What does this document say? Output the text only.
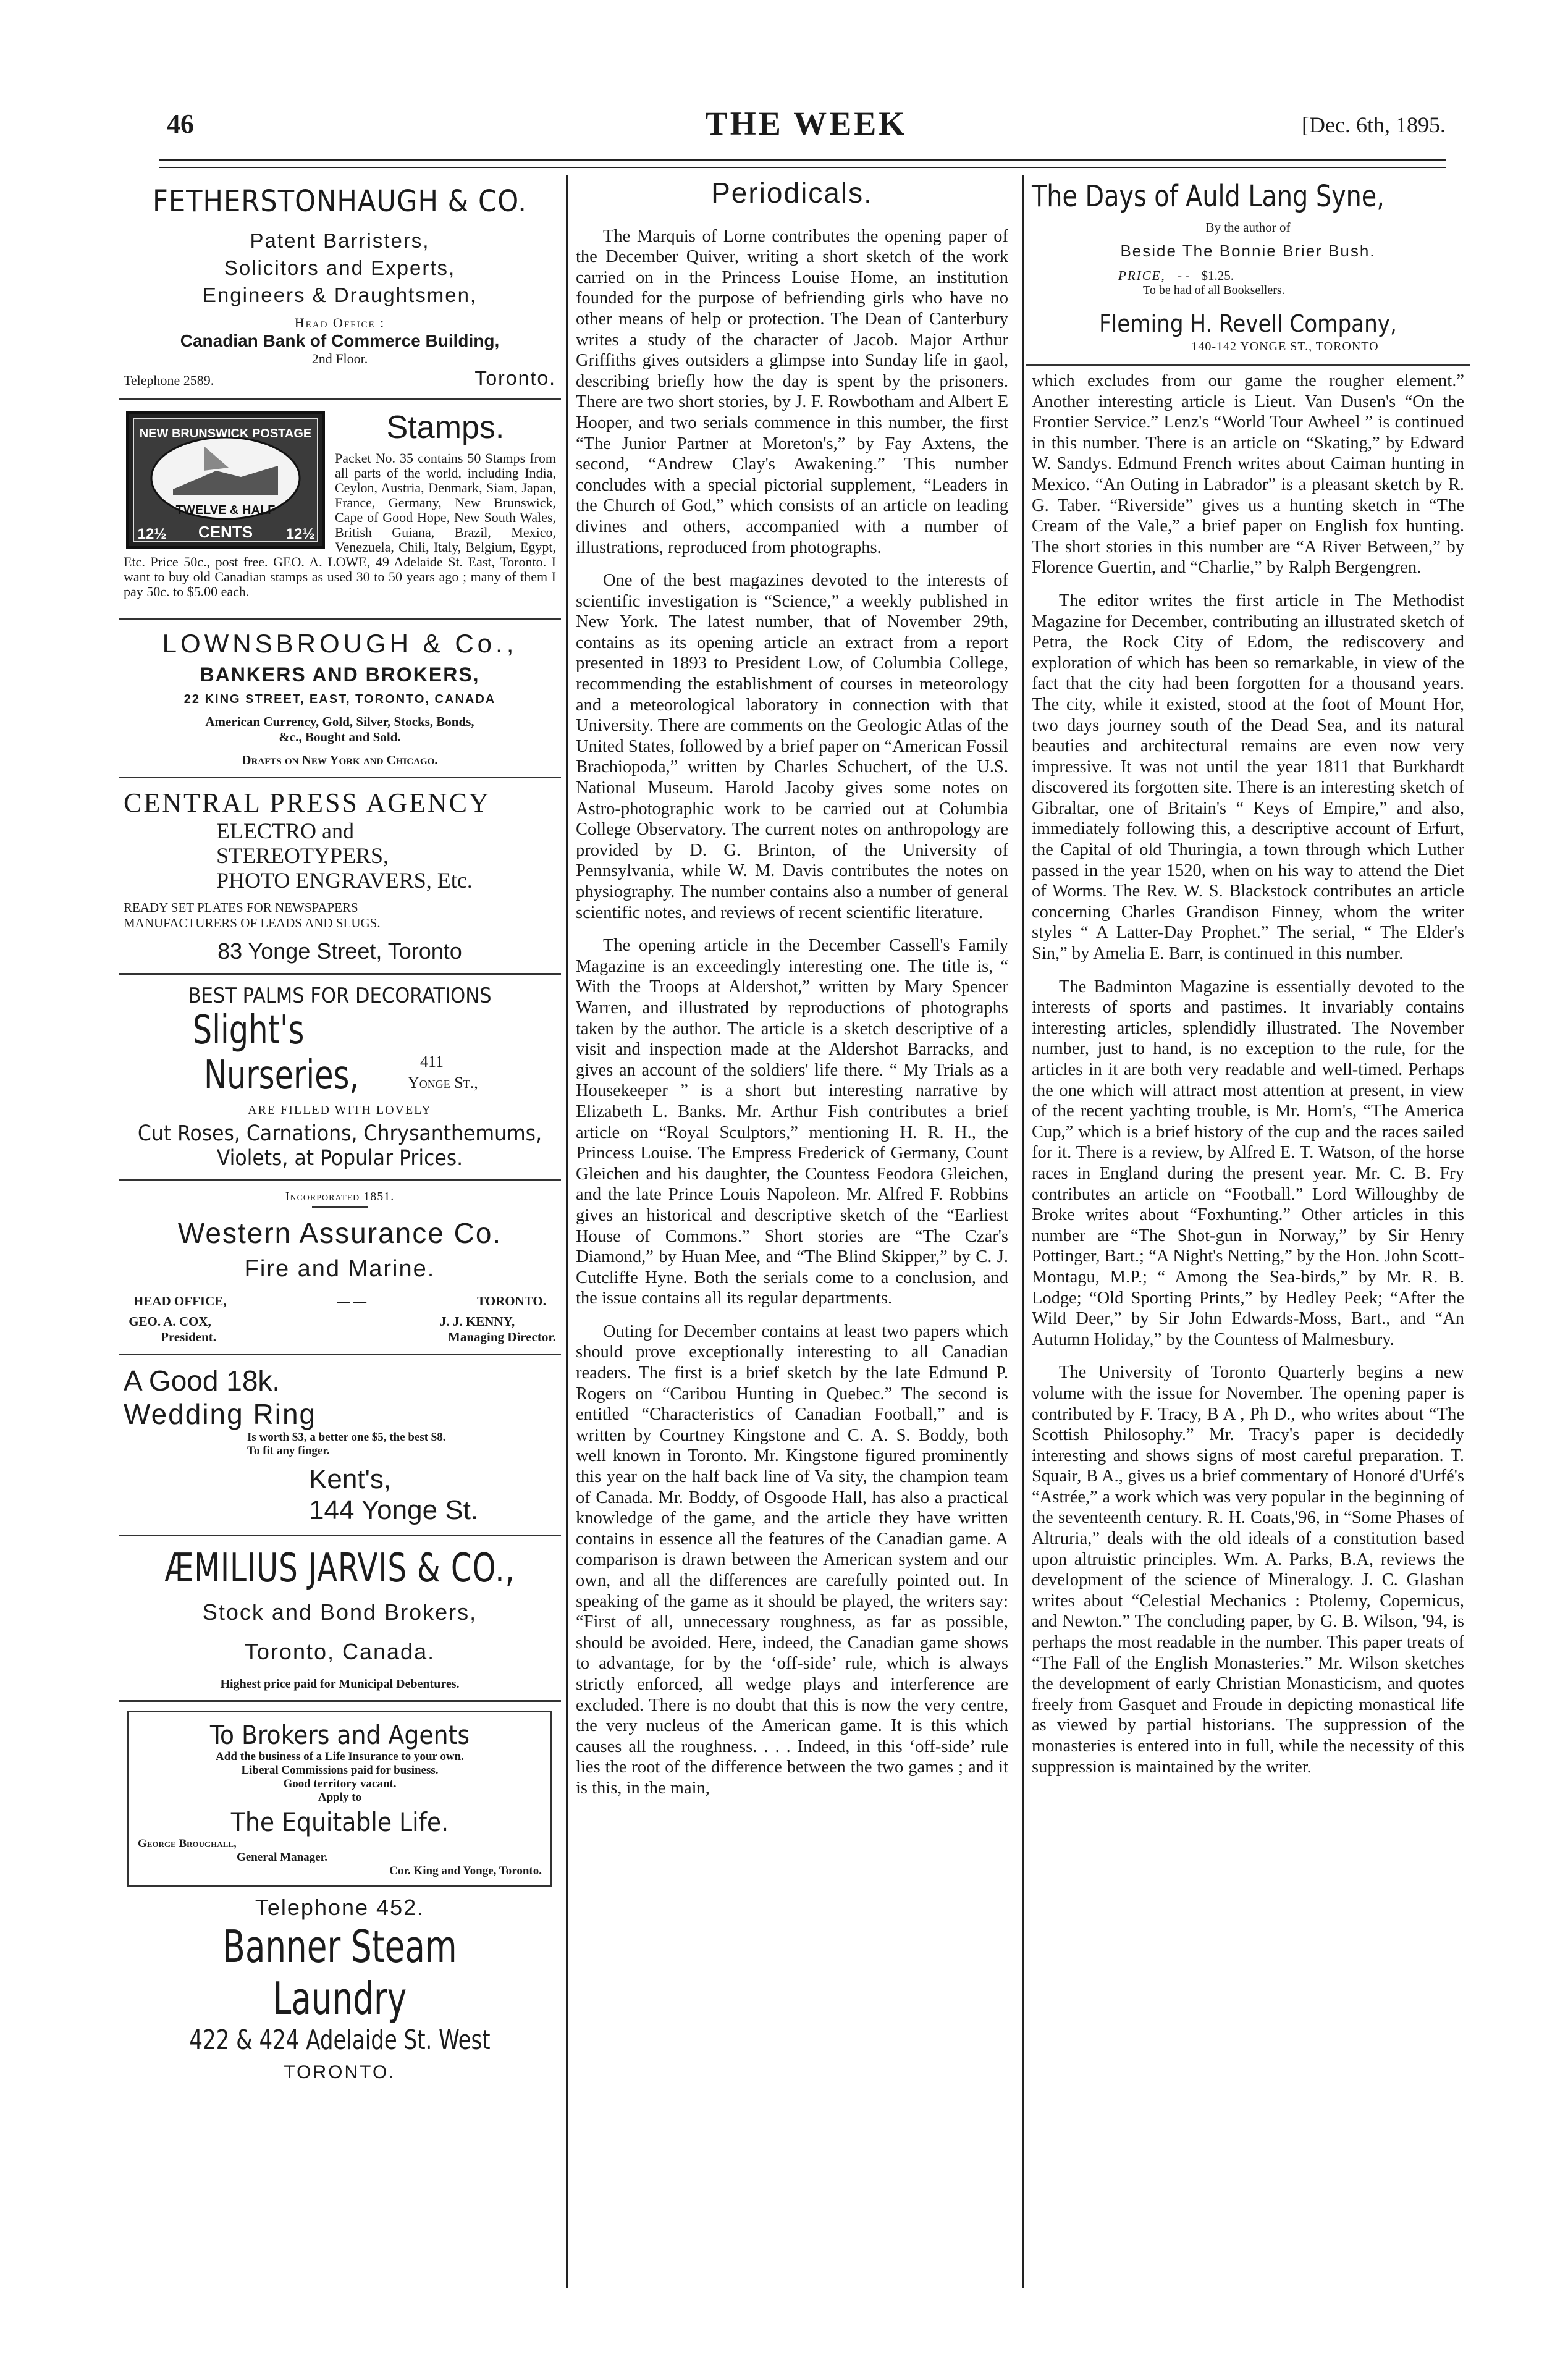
46	THE WEEK	[Dec. 6th, 1895.
FETHERSTONHAUGH & CO.
Patent Barristers,
Solicitors and Experts,
Engineers & Draughtsmen,
Head Office :
Canadian Bank of Commerce Building,
2nd Floor.
Telephone 2589.	Toronto.
NEW BRUNSWICK POSTAGE
TWELVE & HALF
CENTS
12½	12½
Stamps.

Packet No. 35 contains 50 Stamps from all parts of the world, including India, Ceylon, Austria, Denmark, Siam, Japan, France, Germany, New Brunswick, Cape of Good Hope, New South Wales, British Guiana, Brazil, Mexico, Venezuela, Chili, Italy, Belgium, Egypt, Etc. Price 50c., post free. GEO. A. LOWE, 49 Adelaide St. East, Toronto. I want to buy old Canadian stamps as used 30 to 50 years ago ; many of them I pay 50c. to $5.00 each.

LOWNSBROUGH & Co.,
BANKERS AND BROKERS,
22 KING STREET, EAST, TORONTO, CANADA
American Currency, Gold, Silver, Stocks, Bonds,
&c., Bought and Sold.
Drafts on New York and Chicago.
CENTRAL PRESS AGENCY
ELECTRO and
STEREOTYPERS,
PHOTO ENGRAVERS, Etc.
READY SET PLATES FOR NEWSPAPERS
MANUFACTURERS OF LEADS AND SLUGS.
83 Yonge Street, Toronto
BEST PALMS FOR DECORATIONS
Slight's
Nurseries,	411
Yonge St.,
ARE FILLED WITH LOVELY
Cut Roses, Carnations, Chrysanthemums,
Violets, at Popular Prices.
Incorporated 1851.
Western Assurance Co.
Fire and Marine.
HEAD OFFICE,	— —	TORONTO.
GEO. A. COX,
President.
J. J. KENNY,
Managing Director.
A Good 18k.
Wedding Ring
Is worth $3, a better one $5, the best $8.
To fit any finger.
Kent's,
144 Yonge St.
ÆMILIUS JARVIS & CO.,
Stock and Bond Brokers,
Toronto, Canada.
Highest price paid for Municipal Debentures.
To Brokers and Agents
Add the business of a Life Insurance to your own.
Liberal Commissions paid for business.
Good territory vacant.
Apply to
The Equitable Life.
George Broughall,
General Manager.
Cor. King and Yonge, Toronto.
Telephone 452.
Banner Steam Laundry
422 & 424 Adelaide St. West
TORONTO.
Periodicals.

The Marquis of Lorne contributes the opening paper of the December Quiver, writing a short sketch of the work carried on in the Princess Louise Home, an institution founded for the purpose of befriending girls who have no other means of help or protection. The Dean of Canterbury writes a study of the character of Jacob. Major Arthur Griffiths gives outsiders a glimpse into Sunday life in gaol, describing briefly how the day is spent by the prisoners. There are two short stories, by J. F. Rowbotham and Albert E Hooper, and two serials commence in this number, the first “The Junior Partner at Moreton's,” by Fay Axtens, the second, “Andrew Clay's Awakening.” This number concludes with a special pictorial supplement, “Leaders in the Church of God,” which consists of an article on leading divines and others, accompanied with a number of illustrations, reproduced from photographs.

One of the best magazines devoted to the interests of scientific investigation is “Science,” a weekly published in New York. The latest number, that of November 29th, contains as its opening article an extract from a report presented in 1893 to President Low, of Columbia College, recommending the establishment of courses in meteorology and a meteorological laboratory in connection with that University. There are comments on the Geologic Atlas of the United States, followed by a brief paper on “American Fossil Brachiopoda,” written by Charles Schuchert, of the U.S. National Museum. Harold Jacoby gives some notes on Astro-photographic work to be carried out at Columbia College Observatory. The current notes on anthropology are provided by D. G. Brinton, of the University of Pennsylvania, while W. M. Davis contributes the notes on physiography. The number contains also a number of general scientific notes, and reviews of recent scientific literature.

The opening article in the December Cassell's Family Magazine is an exceedingly interesting one. The title is, “ With the Troops at Aldershot,” written by Mary Spencer Warren, and illustrated by reproductions of photographs taken by the author. The article is a sketch descriptive of a visit and inspection made at the Aldershot Barracks, and gives an account of the soldiers' life there. “ My Trials as a Housekeeper ” is a short but interesting narrative by Elizabeth L. Banks. Mr. Arthur Fish contributes a brief article on “Royal Sculptors,” mentioning H. R. H., the Princess Louise. The Empress Frederick of Germany, Count Gleichen and his daughter, the Countess Feodora Gleichen, and the late Prince Louis Napoleon. Mr. Alfred F. Robbins gives an historical and descriptive sketch of the “Earliest House of Commons.” Short stories are “The Czar's Diamond,” by Huan Mee, and “The Blind Skipper,” by C. J. Cutcliffe Hyne. Both the serials come to a conclusion, and the issue contains all its regular departments.

Outing for December contains at least two papers which should prove exceptionally interesting to all Canadian readers. The first is a brief sketch by the late Edmund P. Rogers on “Caribou Hunting in Quebec.” The second is entitled “Characteristics of Canadian Football,” and is written by Courtney Kingstone and C. A. S. Boddy, both well known in Toronto. Mr. Kingstone figured prominently this year on the half back line of Va sity, the champion team of Canada. Mr. Boddy, of Osgoode Hall, has also a practical knowledge of the game, and the article they have written contains in essence all the features of the Canadian game. A comparison is drawn between the American system and our own, and all the differences are carefully pointed out. In speaking of the game as it should be played, the writers say: “First of all, unnecessary roughness, as far as possible, should be avoided. Here, indeed, the Canadian game shows to advantage, for by the ‘off-side’ rule, which is always strictly enforced, all wedge plays and interference are excluded. There is no doubt that this is now the very centre, the very nucleus of the American game. It is this which causes all the roughness. . . . Indeed, in this ‘off-side’ rule lies the root of the difference between the two games ; and it is this, in the main,

The Days of Auld Lang Syne,
By the author of
Beside The Bonnie Brier Bush.
PRICE, - - $1.25.
To be had of all Booksellers.
Fleming H. Revell Company,
140-142 YONGE ST., TORONTO

which excludes from our game the rougher element.” Another interesting article is Lieut. Van Dusen's “On the Frontier Service.” Lenz's “World Tour Awheel ” is continued in this number. There is an article on “Skating,” by Edward W. Sandys. Edmund French writes about Caiman hunting in Mexico. “An Outing in Labrador” is a pleasant sketch by R. G. Taber. “Riverside” gives us a hunting sketch in “The Cream of the Vale,” a brief paper on English fox hunting. The short stories in this number are “A River Between,” by Florence Guertin, and “Charlie,” by Ralph Bergengren.

The editor writes the first article in The Methodist Magazine for December, contributing an illustrated sketch of Petra, the Rock City of Edom, the rediscovery and exploration of which has been so remarkable, in view of the fact that the city had been forgotten for a thousand years. The city, while it existed, stood at the foot of Mount Hor, two days journey south of the Dead Sea, and its natural beauties and architectural remains are even now very impressive. It was not until the year 1811 that Burkhardt discovered its forgotten site. There is an interesting sketch of Gibraltar, one of Britain's “ Keys of Empire,” and also, immediately following this, a descriptive account of Erfurt, the Capital of old Thuringia, a town through which Luther passed in the year 1520, when on his way to attend the Diet of Worms. The Rev. W. S. Blackstock contributes an article concerning Charles Grandison Finney, whom the writer styles “ A Latter-Day Prophet.” The serial, “ The Elder's Sin,” by Amelia E. Barr, is continued in this number.

The Badminton Magazine is essentially devoted to the interests of sports and pastimes. It invariably contains interesting articles, splendidly illustrated. The November number, just to hand, is no exception to the rule, for the articles in it are both very readable and well-timed. Perhaps the one which will attract most attention at present, in view of the recent yachting trouble, is Mr. Horn's, “The America Cup,” which is a brief history of the cup and the races sailed for it. There is a review, by Alfred E. T. Watson, of the horse races in England during the present year. Mr. C. B. Fry contributes an article on “Football.” Lord Willoughby de Broke writes about “Foxhunting.” Other articles in this number are “The Shot-gun in Norway,” by Sir Henry Pottinger, Bart.; “A Night's Netting,” by the Hon. John Scott-Montagu, M.P.; “ Among the Sea-birds,” by Mr. R. B. Lodge; “Old Sporting Prints,” by Hedley Peek; “After the Wild Deer,” by Sir John Edwards-Moss, Bart., and “An Autumn Holiday,” by the Countess of Malmesbury.

The University of Toronto Quarterly begins a new volume with the issue for November. The opening paper is contributed by F. Tracy, B A , Ph D., who writes about “The Scottish Philosophy.” Mr. Tracy's paper is decidedly interesting and shows signs of most careful preparation. T. Squair, B A., gives us a brief commentary of Honoré d'Urfé's “Astrée,” a work which was very popular in the beginning of the seventeenth century. R. H. Coats,'96, in “Some Phases of Altruria,” deals with the old ideals of a constitution based upon altruistic principles. Wm. A. Parks, B.A, reviews the development of the science of Mineralogy. J. C. Glashan writes about “Celestial Mechanics : Ptolemy, Copernicus, and Newton.” The concluding paper, by G. B. Wilson, '94, is perhaps the most readable in the number. This paper treats of “The Fall of the English Monasteries.” Mr. Wilson sketches the development of early Christian Monasticism, and quotes freely from Gasquet and Froude in depicting monastical life as viewed by partial historians. The suppression of the monasteries is entered into in full, while the necessity of this suppression is maintained by the writer.
